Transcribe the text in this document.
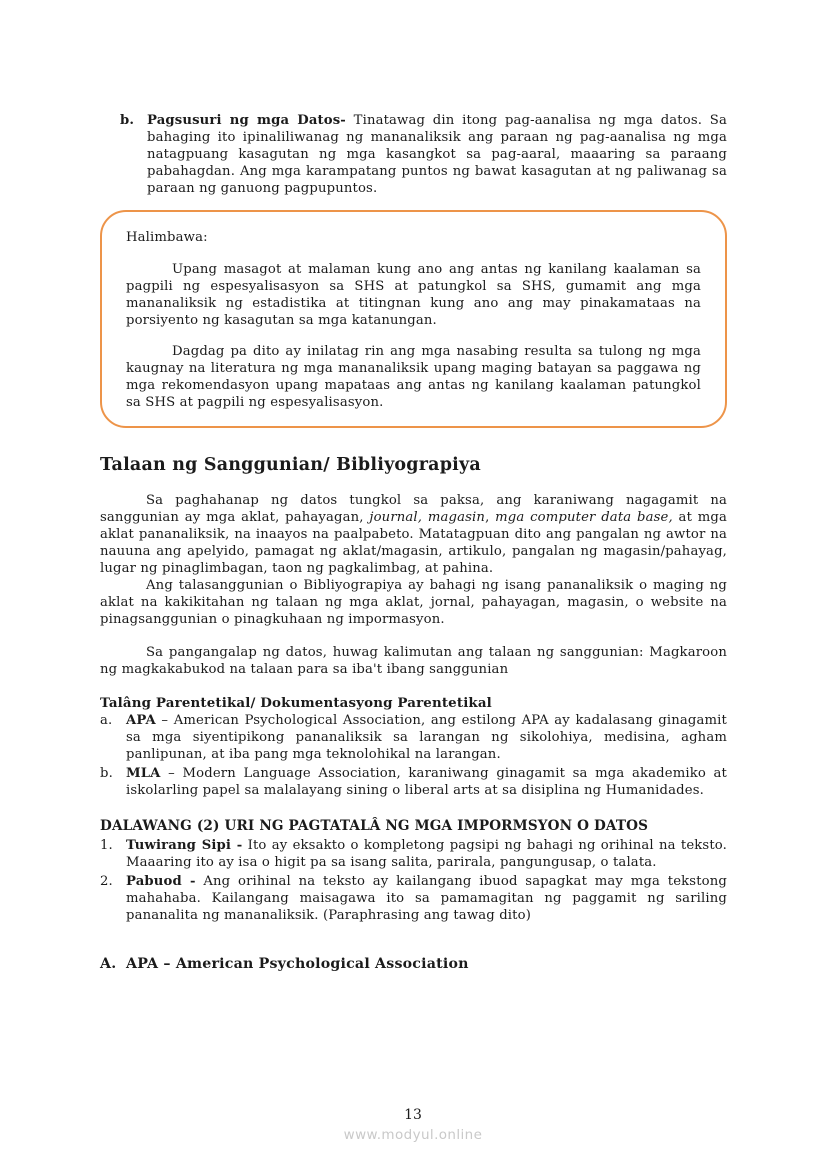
b. Pagsusuri ng mga Datos- Tinatawag din itong pag-aanalisa ng mga datos. Sa bahaging ito ipinaliliwanag ng mananaliksik ang paraan ng pag-aanalisa ng mga natagpuang kasagutan ng mga kasangkot sa pag-aaral, maaaring sa paraang pabahagdan. Ang mga karampatang puntos ng bawat kasagutan at ng paliwanag sa paraan ng ganuong pagpupuntos.
Halimbawa:

Upang masagot at malaman kung ano ang antas ng kanilang kaalaman sa pagpili ng espesyalisasyon sa SHS at patungkol sa SHS, gumamit ang mga mananaliksik ng estadistika at titingnan kung ano ang may pinakamataas na porsiyento ng kasagutan sa mga katanungan.

Dagdag pa dito ay inilatag rin ang mga nasabing resulta sa tulong ng mga kaugnay na literatura ng mga mananaliksik upang maging batayan sa paggawa ng mga rekomendasyon upang mapataas ang antas ng kanilang kaalaman patungkol sa SHS at pagpili ng espesyalisasyon.

Talaan ng Sanggunian/ Bibliyograpiya

Sa paghahanap ng datos tungkol sa paksa, ang karaniwang nagagamit na sanggunian ay mga aklat, pahayagan, journal, magasin, mga computer data base, at mga aklat pananaliksik, na inaayos na paalpabeto. Matatagpuan dito ang pangalan ng awtor na nauuna ang apelyido, pamagat ng aklat/magasin, artikulo, pangalan ng magasin/pahayag, lugar ng pinaglimbagan, taon ng pagkalimbag, at pahina.

Ang talasanggunian o Bibliyograpiya ay bahagi ng isang pananaliksik o maging ng aklat na kakikitahan ng talaan ng mga aklat, jornal, pahayagan, magasin, o website na pinagsanggunian o pinagkuhaan ng impormasyon.

Sa pangangalap ng datos, huwag kalimutan ang talaan ng sanggunian: Magkaroon ng magkakabukod na talaan para sa iba't ibang sanggunian

Talâng Parentetikal/ Dokumentasyong Parentetikal
a. APA – American Psychological Association, ang estilong APA ay kadalasang ginagamit sa mga siyentipikong pananaliksik sa larangan ng sikolohiya, medisina, agham panlipunan, at iba pang mga teknolohikal na larangan.
b. MLA – Modern Language Association, karaniwang ginagamit sa mga akademiko at iskolarling papel sa malalayang sining o liberal arts at sa disiplina ng Humanidades.
DALAWANG (2) URI NG PAGTATALÂ NG MGA IMPORMSYON O DATOS
1. Tuwirang Sipi - Ito ay eksakto o kompletong pagsipi ng bahagi ng orihinal na teksto. Maaaring ito ay isa o higit pa sa isang salita, parirala, pangungusap, o talata.
2. Pabuod - Ang orihinal na teksto ay kailangang ibuod sapagkat may mga tekstong mahahaba. Kailangang maisagawa ito sa pamamagitan ng paggamit ng sariling pananalita ng mananaliksik. (Paraphrasing ang tawag dito)
A. APA – American Psychological Association
13
www.modyul.online
